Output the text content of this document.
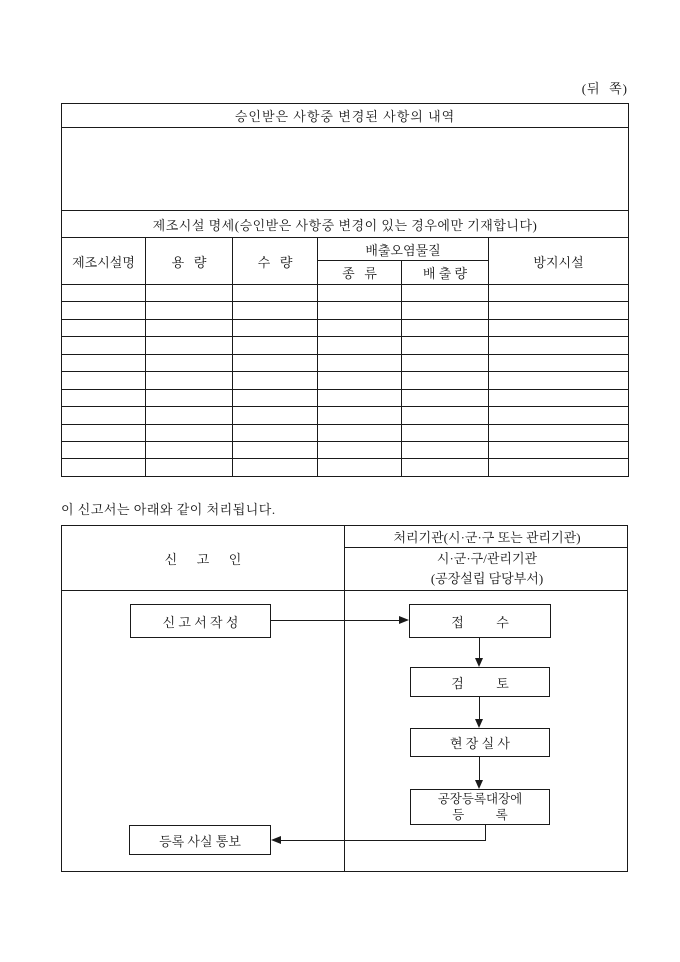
(뒤  쪽)
승인받은 사항중 변경된 사항의 내역					

제조시설 명세(승인받은 사항중 변경이 있는 경우에만 기재합니다)					
제조시설명	용   량	수   량	배출오염물질		방지시설
			종   류	배 출 량	

이 신고서는 아래와 같이 처리됩니다.
신      고      인
처리기관(시·군·구 또는 관리기관)
시·군·구/관리기관
(공장설립 담당부서)
신 고 서 작 성	접          수
검          토
현 장 실 사
공장등록대장에
등          록
등록 사실 통보
